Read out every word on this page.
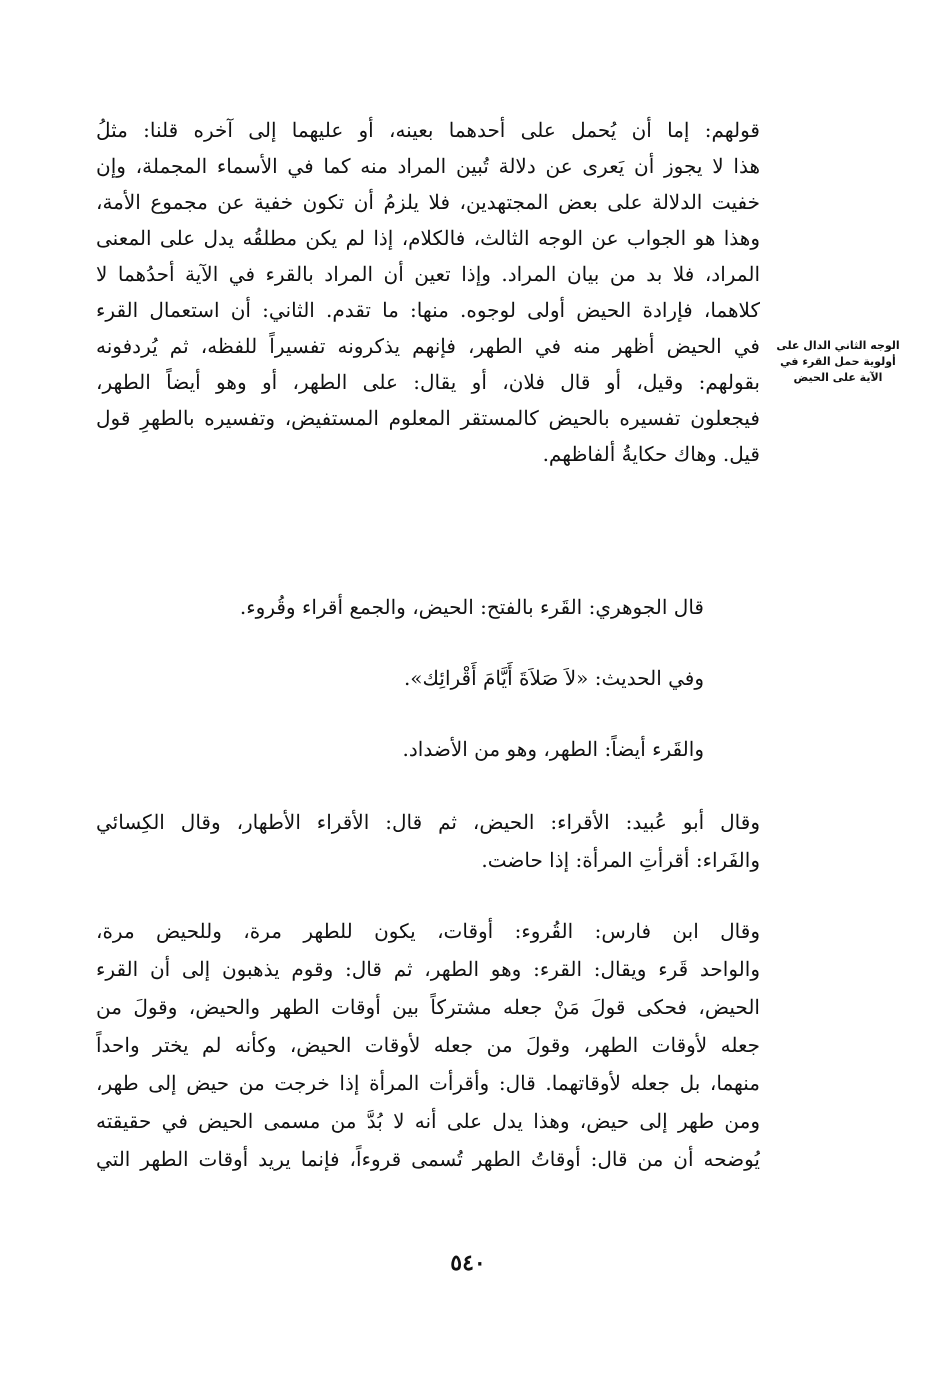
قولهم: إما أن يُحمل على أحدهما بعينه، أو عليهما إلى آخره قلنا: مثلُ
هذا لا يجوز أن يَعرى عن دلالة تُبين المراد منه كما في الأسماء المجملة، وإن
خفيت الدلالة على بعض المجتهدين، فلا يلزمُ أن تكون خفية عن مجموع الأمة،
وهذا هو الجواب عن الوجه الثالث، فالكلام، إذا لم يكن مطلقُه يدل على المعنى
المراد، فلا بد من بيان المراد. وإذا تعين أن المراد بالقرء في الآية أحدُهما لا
كلاهما، فإرادة الحيض أولى لوجوه. منها: ما تقدم. الثاني: أن استعمال القرء
في الحيض أظهر منه في الطهر، فإنهم يذكرونه تفسيراً للفظه، ثم يُردفونه
بقولهم: وقيل، أو قال فلان، أو يقال: على الطهر، أو وهو أيضاً الطهر،
فيجعلون تفسيره بالحيض كالمستقر المعلوم المستفيض، وتفسيره بالطهرِ قول
قيل. وهاك حكايةُ ألفاظهم.
الوجه الثاني الدال على
أولوية حمل القرء في
الآية على الحيض
قال الجوهري: القَرء بالفتح: الحيض، والجمع أقراء وقُروء.
وفي الحديث: «لاَ صَلاَةَ أَيَّامَ أَقْرائِك».
والقَرء أيضاً: الطهر، وهو من الأضداد.
وقال أبو عُبيد: الأقراء: الحيض، ثم قال: الأقراء الأطهار، وقال الكِسائي
والفَراء: أقرأتِ المرأة: إذا حاضت.
وقال ابن فارس: القُروء: أوقات، يكون للطهر مرة، وللحيض مرة،
والواحد قَرء ويقال: القرء: وهو الطهر، ثم قال: وقوم يذهبون إلى أن القرء
الحيض، فحكى قولَ مَنْ جعله مشتركاً بين أوقات الطهر والحيض، وقولَ من
جعله لأوقات الطهر، وقولَ من جعله لأوقات الحيض، وكأنه لم يختر واحداً
منهما، بل جعله لأوقاتهما. قال: وأقرأت المرأة إذا خرجت من حيض إلى طهر،
ومن طهر إلى حيض، وهذا يدل على أنه لا بُدَّ من مسمى الحيض في حقيقته
يُوضحه أن من قال: أوقاتُ الطهر تُسمى قروءاً، فإنما يريد أوقات الطهر التي
٥٤٠
